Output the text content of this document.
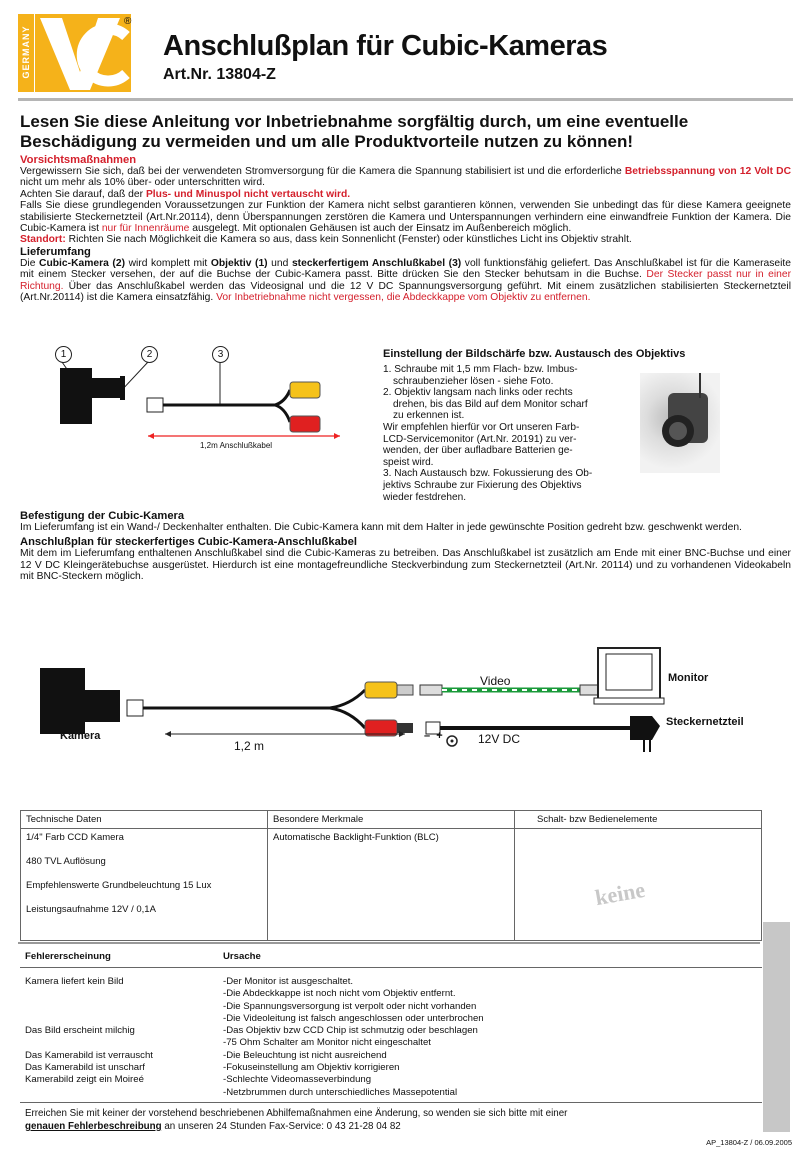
GERMANY
®
Anschlußplan für Cubic-Kameras
Art.Nr. 13804-Z
Lesen Sie diese Anleitung vor Inbetriebnahme sorgfältig durch, um eine eventuelle Beschädigung zu vermeiden und um alle Produktvorteile nutzen zu können!
Vorsichtsmaßnahmen
Vergewissern Sie sich, daß bei der verwendeten Stromversorgung für die Kamera die Spannung stabilisiert ist und die erforderliche Betriebsspannung von 12 Volt DC nicht um mehr als 10% über- oder unterschritten wird.
Achten Sie darauf, daß der Plus- und Minuspol nicht vertauscht wird.
Falls Sie diese grundlegenden Voraussetzungen zur Funktion der Kamera nicht selbst garantieren können, verwenden Sie unbedingt das für diese Kamera geeignete stabilisierte Steckernetzteil (Art.Nr.20114), denn Überspannungen zerstören die Kamera und Unterspannungen verhindern eine einwandfreie Funktion der Kamera. Die Cubic-Kamera ist nur für Innenräume ausgelegt. Mit optionalen Gehäusen ist auch der Einsatz im Außenbereich möglich.
Standort: Richten Sie nach Möglichkeit die Kamera so aus, dass kein Sonnenlicht (Fenster) oder künstliches Licht ins Objektiv strahlt.
Lieferumfang
Die Cubic-Kamera (2) wird komplett mit Objektiv (1) und steckerfertigem Anschlußkabel (3) voll funktionsfähig geliefert. Das Anschlußkabel ist für die Kameraseite mit einem Stecker versehen, der auf die Buchse der Cubic-Kamera passt. Bitte drücken Sie den Stecker behutsam in die Buchse. Der Stecker passt nur in einer Richtung. Über das Anschlußkabel werden das Videosignal und die 12 V DC Spannungsversorgung geführt. Mit einem zusätzlichen stabilisierten Steckernetzteil (Art.Nr.20114) ist die Kamera einsatzfähig. Vor Inbetriebnahme nicht vergessen, die Abdeckkappe vom Objektiv zu entfernen.
1	2	3
1,2m Anschlußkabel
Einstellung der Bildschärfe bzw. Austausch des Objektivs
1. Schraube mit 1,5 mm Flach- bzw. Imbus-
schraubenzieher lösen - siehe Foto.
2. Objektiv langsam nach links oder rechts
drehen, bis das Bild auf dem Monitor scharf
zu erkennen ist.
Wir empfehlen hierfür vor Ort unseren Farb-
LCD-Servicemonitor (Art.Nr. 20191) zu ver-
wenden, der über aufladbare Batterien ge-
speist wird.
3. Nach Austausch bzw. Fokussierung des Ob-
jektivs Schraube zur Fixierung des Objektivs
wieder festdrehen.
Befestigung der Cubic-Kamera
Im Lieferumfang ist ein Wand-/ Deckenhalter enthalten. Die Cubic-Kamera kann mit dem Halter in jede gewünschte Position gedreht bzw. geschwenkt werden.
Anschlußplan für steckerfertiges Cubic-Kamera-Anschlußkabel
Mit dem im Lieferumfang enthaltenen Anschlußkabel sind die Cubic-Kameras zu betreiben. Das Anschlußkabel ist zusätzlich am Ende mit einer BNC-Buchse und einer 12 V DC Kleingerätebuchse ausgerüstet. Hierdurch ist eine montagefreundliche Steckverbindung zum Steckernetzteil (Art.Nr. 20114) und zu vorhandenen Videokabeln mit BNC-Steckern möglich.
Kamera
1,2 m
Video	Monitor
Steckernetzteil
12V DC
–  +
Technische Daten	Besondere Merkmale	Schalt- bzw Bedienelemente

1/4" Farb CCD Kamera
480 TVL Auflösung
Empfehlenswerte Grundbeleuchtung 15 Lux
Leistungsaufnahme 12V / 0,1A	Automatische Backlight-Funktion (BLC)	keine
Fehlererscheinung	Ursache
Kamera liefert kein Bild	-Der Monitor ist ausgeschaltet.
-Die Abdeckkappe ist noch nicht vom Objektiv entfernt.
-Die Spannungsversorgung ist verpolt oder nicht vorhanden
-Die Videoleitung ist falsch angeschlossen oder unterbrochen
Das Bild erscheint milchig	-Das Objektiv bzw CCD Chip ist schmutzig oder beschlagen
-75 Ohm Schalter am Monitor nicht eingeschaltet
Das Kamerabild ist verrauscht	-Die Beleuchtung ist nicht ausreichend
Das Kamerabild ist unscharf	-Fokuseinstellung am Objektiv korrigieren
Kamerabild zeigt ein Moireé	-Schlechte Videomasseverbindung
-Netzbrummen durch unterschiedliches Massepotential
Erreichen Sie mit keiner der vorstehend beschriebenen Abhilfemaßnahmen eine Änderung, so wenden sie sich bitte mit einer
genauen Fehlerbeschreibung an unseren 24 Stunden Fax-Service: 0 43 21-28 04 82
AP_13804-Z / 06.09.2005
